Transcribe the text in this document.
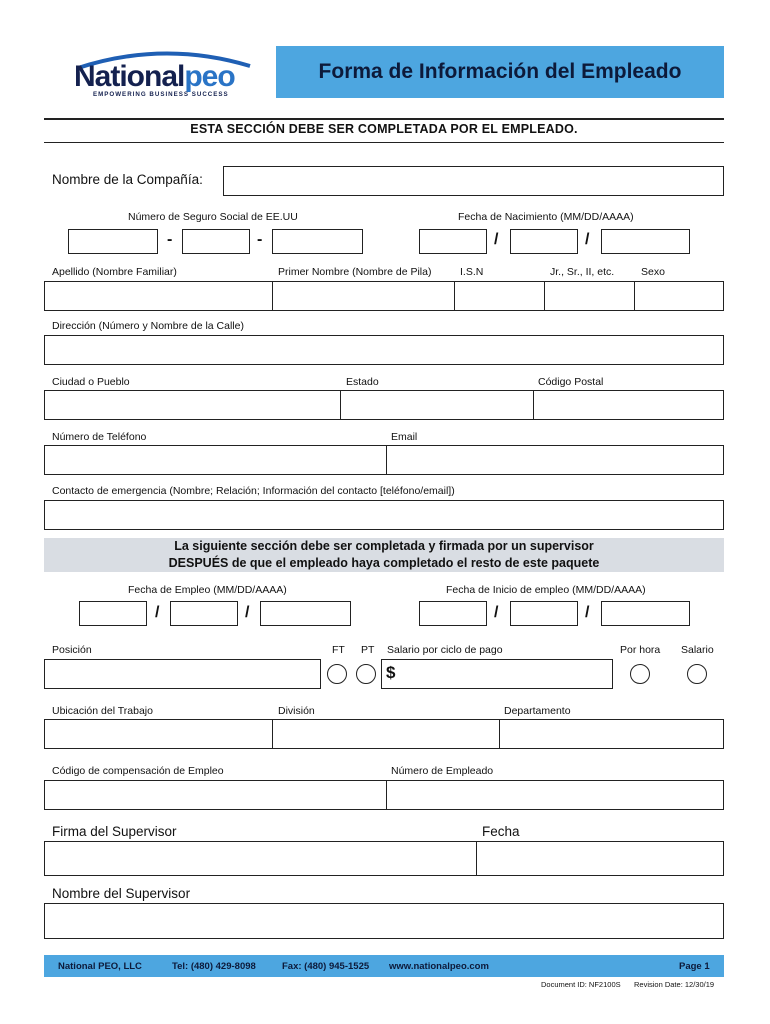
Nationalpeo
EMPOWERING BUSINESS SUCCESS
Forma de Información del Empleado
ESTA SECCIÓN DEBE SER COMPLETADA POR EL EMPLEADO.
Nombre de la Compañía:
Número de Seguro Social de EE.UU	Fecha de Nacimiento (MM/DD/AAAA)
-	-	/	/
Apellido (Nombre Familiar)	Primer Nombre (Nombre de Pila)	I.S.N	Jr., Sr., II, etc.	Sexo
Dirección (Número y Nombre de la Calle)
Ciudad o Pueblo	Estado	Código Postal
Número de Teléfono	Email
Contacto de emergencia (Nombre; Relación; Información del contacto [teléfono/email])
La siguiente sección debe ser completada y firmada por un supervisor
DESPUÉS de que el empleado haya completado el resto de este paquete
Fecha de Empleo (MM/DD/AAAA)	Fecha de Inicio de empleo (MM/DD/AAAA)
/	/	/	/
Posición	FT PT Salario por ciclo de pago	Por hora Salario
$
Ubicación del Trabajo	División	Departamento
Código de compensación de Empleo	Número de Empleado
Firma del Supervisor	Fecha
Nombre del Supervisor
National PEO, LLC	Tel: (480) 429-8098	Fax: (480) 945-1525 www.nationalpeo.com	Page 1
Document ID: NF2100S Revision Date: 12/30/19
